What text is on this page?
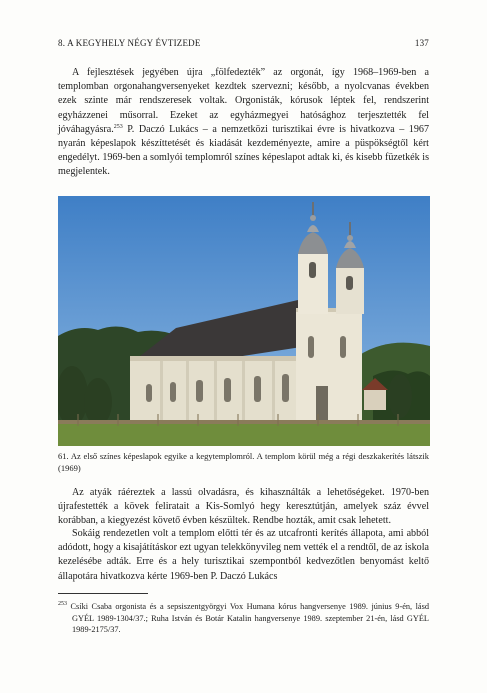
8. A KEGYHELY NÉGY ÉVTIZEDE	137

A fejlesztések jegyében újra „fölfedezték” az orgonát, így 1968–1969-ben a templomban orgonahangversenyeket kezdtek szervezni; később, a nyolcvanas években ezek szinte már rendszeresek voltak. Orgonisták, kórusok léptek fel, rendszerint egyházzenei műsorral. Ezeket az egyházmegyei hatósághoz terjesztették fel jóváhagyásra.$^{253}$ P. Daczó Lukács – a nemzetközi turisztikai évre is hivatkozva – 1967 nyarán képeslapok készíttetését és kiadását kezdeményezte, amire a püspökségtől kért engedélyt. 1969-ben a somlyói templomról színes képeslapot adtak ki, és kisebb füzetkék is megjelentek.

61. Az első színes képeslapok egyike a kegytemplomról. A templom körül még a régi deszkakerítés látszik (1969)

Az atyák ráéreztek a lassú olvadásra, és kihasználták a lehetőségeket. 1970-ben újrafestették a kövek feliratait a Kis-Somlyó hegy keresztútján, amelyek száz évvel korábban, a kiegyezést követő évben készültek. Rendbe hozták, amit csak lehetett.

Sokáig rendezetlen volt a templom előtti tér és az utcafronti kerítés állapota, ami abból adódott, hogy a kisajátításkor ezt ugyan telekkönyvileg nem vették el a rendtől, de az iskola kezelésébe adták. Erre és a hely turisztikai szempontból kedvezőtlen benyomást keltő állapotára hivatkozva kérte 1969-ben P. Daczó Lukács

$^{253}$ Csíki Csaba orgonista és a sepsiszentgyörgyi Vox Humana kórus hangversenye 1989. június 9-én, lásd GYÉL 1989-1304/37.; Ruha István és Botár Katalin hangversenye 1989. szeptember 21-én, lásd GYÉL 1989-2175/37.
